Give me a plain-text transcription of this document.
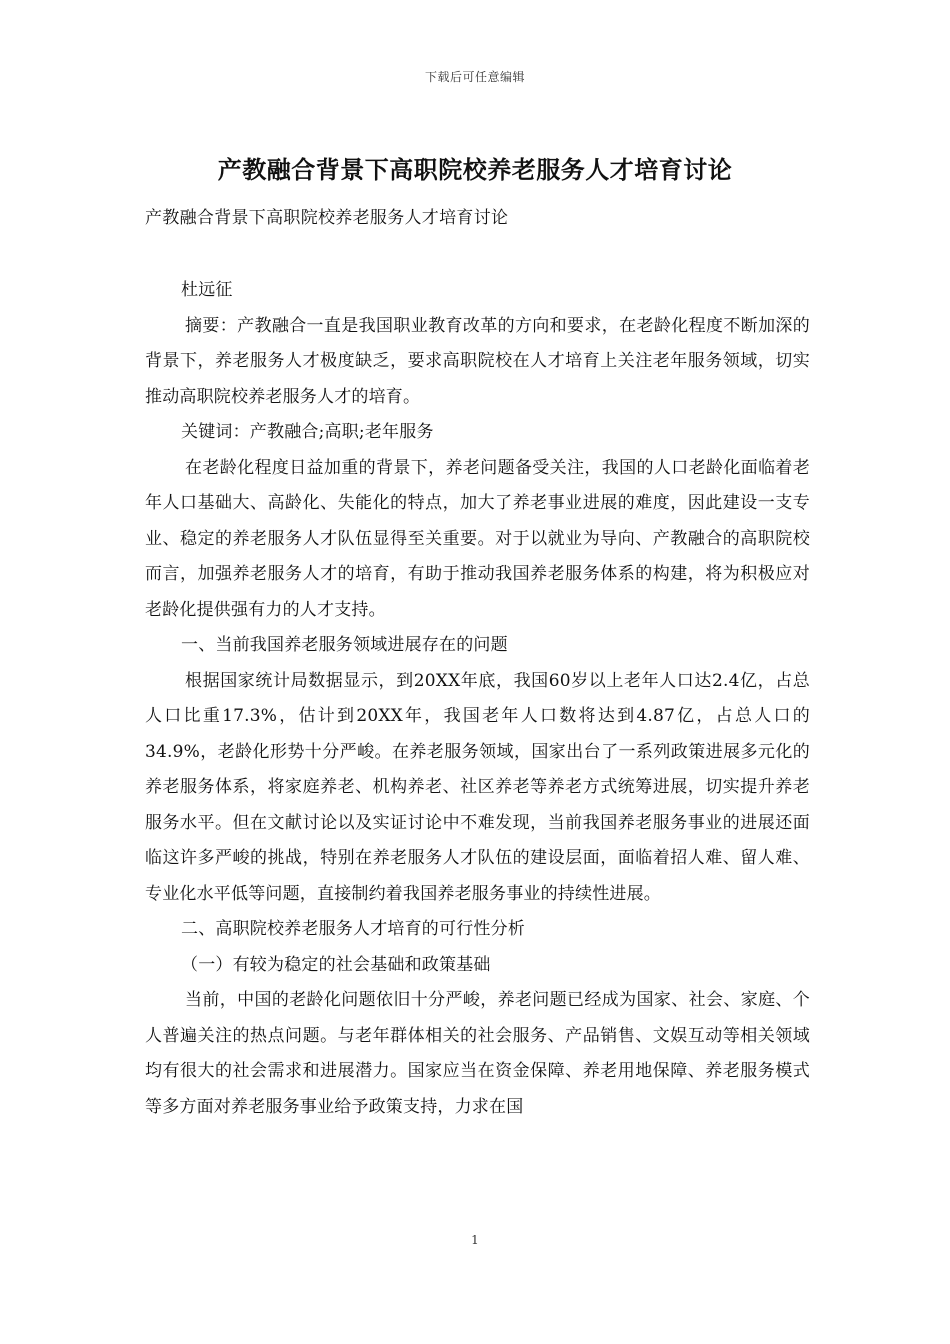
下载后可任意编辑
产教融合背景下高职院校养老服务人才培育讨论
产教融合背景下高职院校养老服务人才培育讨论

杜远征

摘要：产教融合一直是我国职业教育改革的方向和要求，在老龄化程度不断加深的背景下，养老服务人才极度缺乏，要求高职院校在人才培育上关注老年服务领域，切实推动高职院校养老服务人才的培育。

关键词：产教融合;高职;老年服务

在老龄化程度日益加重的背景下，养老问题备受关注，我国的人口老龄化面临着老年人口基础大、高龄化、失能化的特点，加大了养老事业进展的难度，因此建设一支专业、稳定的养老服务人才队伍显得至关重要。对于以就业为导向、产教融合的高职院校而言，加强养老服务人才的培育，有助于推动我国养老服务体系的构建，将为积极应对老龄化提供强有力的人才支持。

一、当前我国养老服务领域进展存在的问题

根据国家统计局数据显示，到20XX年底，我国60岁以上老年人口达2.4亿，占总人口比重17.3%，估计到20XX年，我国老年人口数将达到4.87亿，占总人口的34.9%，老龄化形势十分严峻。在养老服务领域，国家出台了一系列政策进展多元化的养老服务体系，将家庭养老、机构养老、社区养老等养老方式统筹进展，切实提升养老服务水平。但在文献讨论以及实证讨论中不难发现，当前我国养老服务事业的进展还面临这许多严峻的挑战，特别在养老服务人才队伍的建设层面，面临着招人难、留人难、专业化水平低等问题，直接制约着我国养老服务事业的持续性进展。

二、高职院校养老服务人才培育的可行性分析

（一）有较为稳定的社会基础和政策基础

当前，中国的老龄化问题依旧十分严峻，养老问题已经成为国家、社会、家庭、个人普遍关注的热点问题。与老年群体相关的社会服务、产品销售、文娱互动等相关领域均有很大的社会需求和进展潜力。国家应当在资金保障、养老用地保障、养老服务模式等多方面对养老服务事业给予政策支持，力求在国

1
